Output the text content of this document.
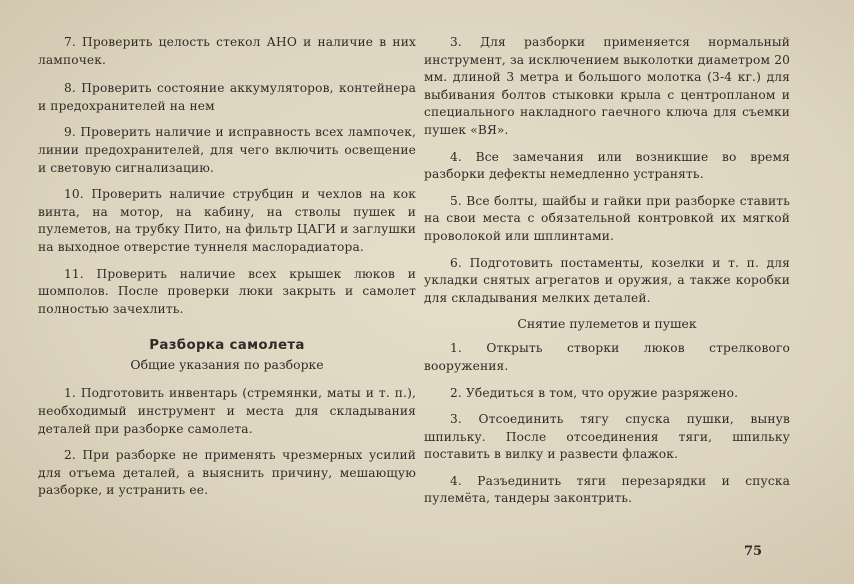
7. Проверить целость стекол АНО и наличие в них лампочек.

8. Проверить состояние аккумуляторов, контейнера и предохранителей на нем

9. Проверить наличие и исправность всех лампочек, линии предохранителей, для чего включить освещение и световую сигнализацию.

10. Проверить наличие струбцин и чехлов на кок винта, на мотор, на кабину, на стволы пушек и пулеметов, на трубку Пито, на фильтр ЦАГИ и заглушки на выходное отверстие туннеля маслорадиатора.

11. Проверить наличие всех крышек люков и шомполов. После проверки люки закрыть и самолет полностью зачехлить.

Разборка самолета
Общие указания по разборке

1. Подготовить инвентарь (стремянки, маты и т. п.), необходимый инструмент и места для складывания деталей при разборке самолета.

2. При разборке не применять чрезмерных усилий для отъема деталей, а выяснить причину, мешающую разборке, и устранить ее.

3. Для разборки применяется нормальный инструмент, за исключением выколотки диаметром 20 мм. длиной 3 метра и большого молотка (3-4 кг.) для выбивания болтов стыковки крыла с центропланом и специального накладного гаечного ключа для съемки пушек «ВЯ».

4. Все замечания или возникшие во время разборки дефекты немедленно устранять.

5. Все болты, шайбы и гайки при разборке ставить на свои места с обязательной контровкой их мягкой проволокой или шплинтами.

6. Подготовить постаменты, козелки и т. п. для укладки снятых агрегатов и оружия, а также коробки для складывания мелких деталей.

Снятие пулеметов и пушек

1. Открыть створки люков стрелкового вооружения.

2. Убедиться в том, что оружие разряжено.

3. Отсоединить тягу спуска пушки, вынув шпильку. После отсоединения тяги, шпильку поставить в вилку и развести флажок.

4. Разъединить тяги перезарядки и спуска пулемёта, тандеры законтрить.

75
